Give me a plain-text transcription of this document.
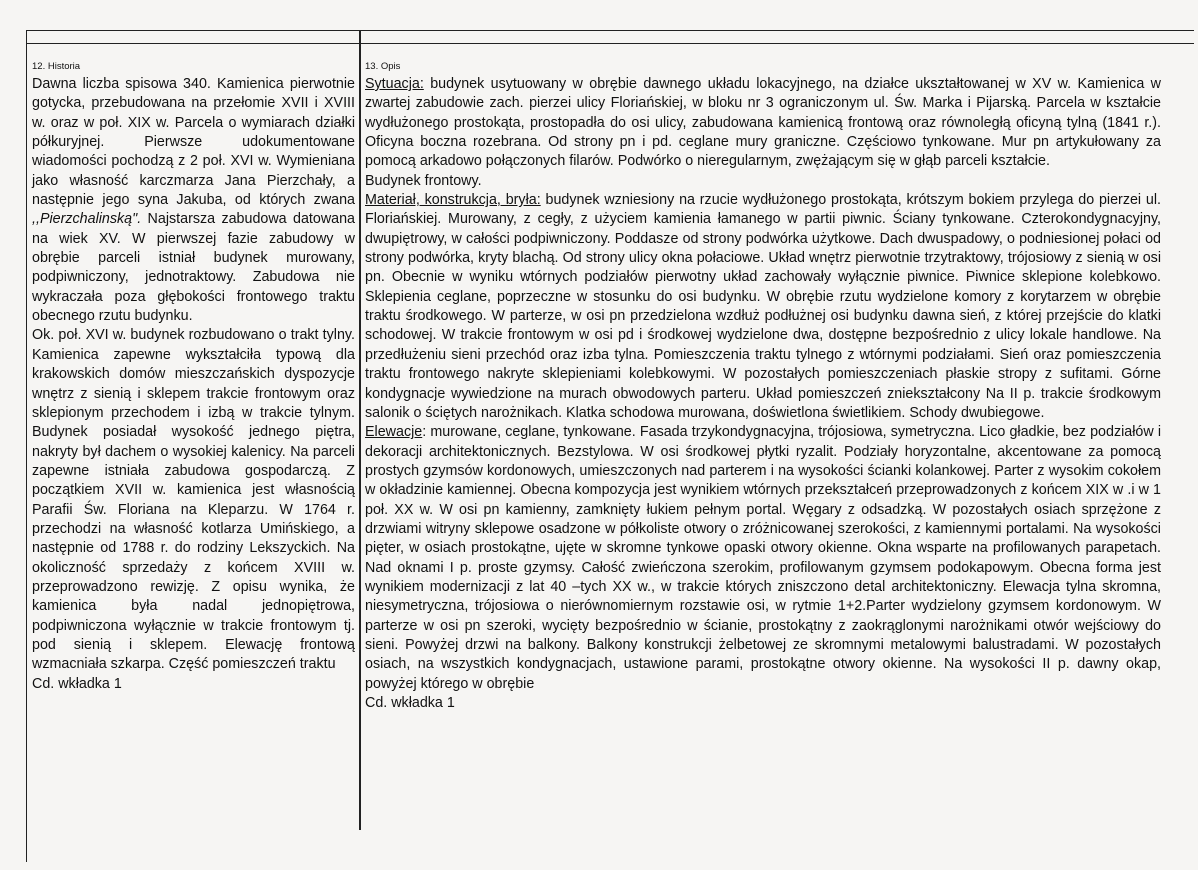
12. Historia

Dawna liczba spisowa 340. Kamienica pierwotnie gotycka, przebudowana na przełomie XVII i XVIII w. oraz w poł. XIX w. Parcela o wymiarach działki półkuryjnej. Pierwsze udokumentowane wiadomości pochodzą z 2 poł. XVI w. Wymieniana jako własność karczmarza Jana Pierzchały, a następnie jego syna Jakuba, od których zwana ,,Pierzchalinską". Najstarsza zabudowa datowana na wiek XV. W pierwszej fazie zabudowy w obrębie parceli istniał budynek murowany, podpiwniczony, jednotraktowy. Zabudowa nie wykraczała poza głębokości frontowego traktu obecnego rzutu budynku.

Ok. poł. XVI w. budynek rozbudowano o trakt tylny. Kamienica zapewne wykształciła typową dla krakowskich domów mieszczańskich dyspozycje wnętrz z sienią i sklepem trakcie frontowym oraz sklepionym przechodem i izbą w trakcie tylnym. Budynek posiadał wysokość jednego piętra, nakryty był dachem o wysokiej kalenicy. Na parceli zapewne istniała zabudowa gospodarczą. Z początkiem XVII w. kamienica jest własnością Parafii Św. Floriana na Kleparzu. W 1764 r. przechodzi na własność kotlarza Umińskiego, a następnie od 1788 r. do rodziny Lekszyckich. Na okoliczność sprzedaży z końcem XVIII w. przeprowadzono rewizję. Z opisu wynika, że kamienica była nadal jednopiętrowa, podpiwniczona wyłącznie w trakcie frontowym tj. pod sienią i sklepem. Elewację frontową wzmacniała szkarpa. Część pomieszczeń traktu

Cd. wkładka 1

13. Opis

Sytuacja: budynek usytuowany w obrębie dawnego układu lokacyjnego, na działce ukształtowanej w XV w. Kamienica w zwartej zabudowie zach. pierzei ulicy Floriańskiej, w bloku nr 3 ograniczonym ul. Św. Marka i Pijarską. Parcela w kształcie wydłużonego prostokąta, prostopadła do osi ulicy, zabudowana kamienicą frontową oraz równoległą oficyną tylną (1841 r.). Oficyna boczna rozebrana. Od strony pn i pd. ceglane mury graniczne. Częściowo tynkowane. Mur pn artykułowany za pomocą arkadowo połączonych filarów. Podwórko o nieregularnym, zwężającym się w głąb parceli kształcie.

Budynek frontowy.

Materiał, konstrukcja, bryła: budynek wzniesiony na rzucie wydłużonego prostokąta, krótszym bokiem przylega do pierzei ul. Floriańskiej. Murowany, z cegły, z użyciem kamienia łamanego w partii piwnic. Ściany tynkowane. Czterokondygnacyjny, dwupiętrowy, w całości podpiwniczony. Poddasze od strony podwórka użytkowe. Dach dwuspadowy, o podniesionej połaci od strony podwórka, kryty blachą. Od strony ulicy okna połaciowe. Układ wnętrz pierwotnie trzytraktowy, trójosiowy z sienią w osi pn. Obecnie w wyniku wtórnych podziałów pierwotny układ zachowały wyłącznie piwnice. Piwnice sklepione kolebkowo. Sklepienia ceglane, poprzeczne w stosunku do osi budynku. W obrębie rzutu wydzielone komory z korytarzem w obrębie traktu środkowego. W parterze, w osi pn przedzielona wzdłuż podłużnej osi budynku dawna sień, z której przejście do klatki schodowej. W trakcie frontowym w osi pd i środkowej wydzielone dwa, dostępne bezpośrednio z ulicy lokale handlowe. Na przedłużeniu sieni przechód oraz izba tylna. Pomieszczenia traktu tylnego z wtórnymi podziałami. Sień oraz pomieszczenia traktu frontowego nakryte sklepieniami kolebkowymi. W pozostałych pomieszczeniach płaskie stropy z sufitami. Górne kondygnacje wywiedzione na murach obwodowych parteru. Układ pomieszczeń zniekształcony Na II p. trakcie środkowym salonik o ściętych narożnikach. Klatka schodowa murowana, doświetlona świetlikiem. Schody dwubiegowe.

Elewacje: murowane, ceglane, tynkowane. Fasada trzykondygnacyjna, trójosiowa, symetryczna. Lico gładkie, bez podziałów i dekoracji architektonicznych. Bezstylowa. W osi środkowej płytki ryzalit. Podziały horyzontalne, akcentowane za pomocą prostych gzymsów kordonowych, umieszczonych nad parterem i na wysokości ścianki kolankowej. Parter z wysokim cokołem w okładzinie kamiennej. Obecna kompozycja jest wynikiem wtórnych przekształceń przeprowadzonych z końcem XIX w .i w 1 poł. XX w. W osi pn kamienny, zamknięty łukiem pełnym portal. Węgary z odsadzką. W pozostałych osiach sprzężone z drzwiami witryny sklepowe osadzone w półkoliste otwory o zróżnicowanej szerokości, z kamiennymi portalami. Na wysokości pięter, w osiach prostokątne, ujęte w skromne tynkowe opaski otwory okienne. Okna wsparte na profilowanych parapetach. Nad oknami I p. proste gzymsy. Całość zwieńczona szerokim, profilowanym gzymsem podokapowym. Obecna forma jest wynikiem modernizacji z lat 40 –tych XX w., w trakcie których zniszczono detal architektoniczny. Elewacja tylna skromna, niesymetryczna, trójosiowa o nierównomiernym rozstawie osi, w rytmie 1+2.Parter wydzielony gzymsem kordonowym. W parterze w osi pn szeroki, wycięty bezpośrednio w ścianie, prostokątny z zaokrąglonymi narożnikami otwór wejściowy do sieni. Powyżej drzwi na balkony. Balkony konstrukcji żelbetowej ze skromnymi metalowymi balustradami. W pozostałych osiach, na wszystkich kondygnacjach, ustawione parami, prostokątne otwory okienne. Na wysokości II p. dawny okap, powyżej którego w obrębie

Cd. wkładka 1
